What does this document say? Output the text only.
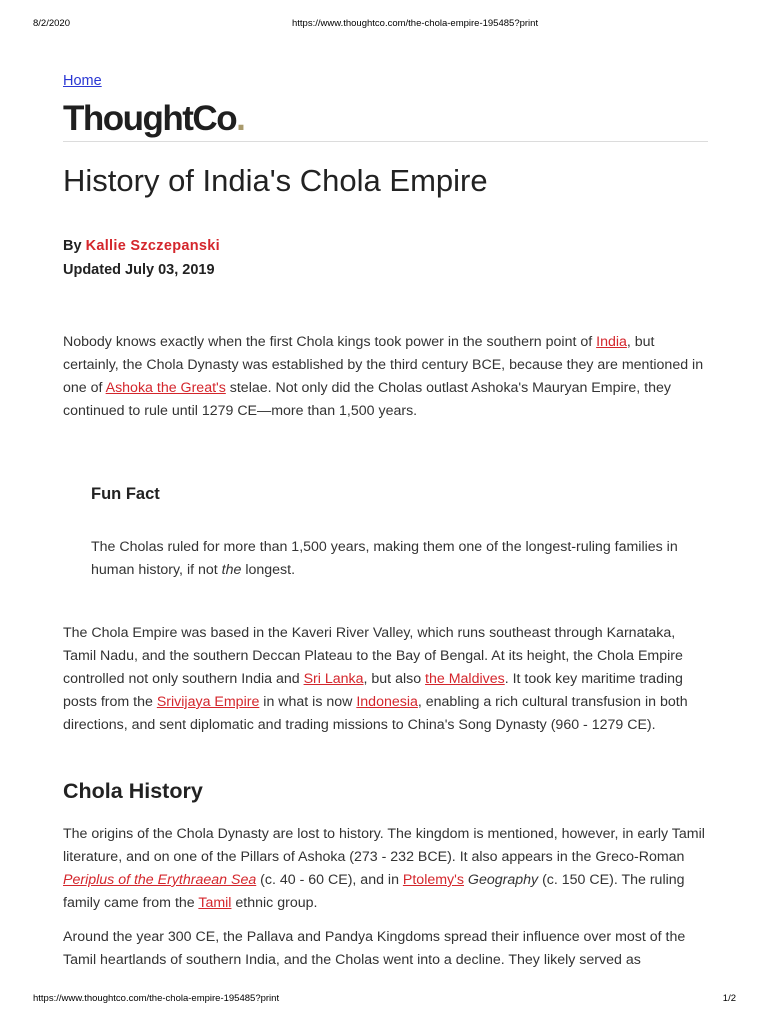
8/2/2020	https://www.thoughtco.com/the-chola-empire-195485?print
Home
ThoughtCo.
History of India's Chola Empire
By Kallie Szczepanski
Updated July 03, 2019

Nobody knows exactly when the first Chola kings took power in the southern point of India, but certainly, the Chola Dynasty was established by the third century BCE, because they are mentioned in one of Ashoka the Great's stelae. Not only did the Cholas outlast Ashoka's Mauryan Empire, they continued to rule until 1279 CE—more than 1,500 years.

Fun Fact

The Cholas ruled for more than 1,500 years, making them one of the longest-ruling families in human history, if not the longest.

The Chola Empire was based in the Kaveri River Valley, which runs southeast through Karnataka, Tamil Nadu, and the southern Deccan Plateau to the Bay of Bengal. At its height, the Chola Empire controlled not only southern India and Sri Lanka, but also the Maldives. It took key maritime trading posts from the Srivijaya Empire in what is now Indonesia, enabling a rich cultural transfusion in both directions, and sent diplomatic and trading missions to China's Song Dynasty (960 - 1279 CE).

Chola History

The origins of the Chola Dynasty are lost to history. The kingdom is mentioned, however, in early Tamil literature, and on one of the Pillars of Ashoka (273 - 232 BCE). It also appears in the Greco-Roman Periplus of the Erythraean Sea (c. 40 - 60 CE), and in Ptolemy's Geography (c. 150 CE). The ruling family came from the Tamil ethnic group.

Around the year 300 CE, the Pallava and Pandya Kingdoms spread their influence over most of the Tamil heartlands of southern India, and the Cholas went into a decline. They likely served as

https://www.thoughtco.com/the-chola-empire-195485?print	1/2
